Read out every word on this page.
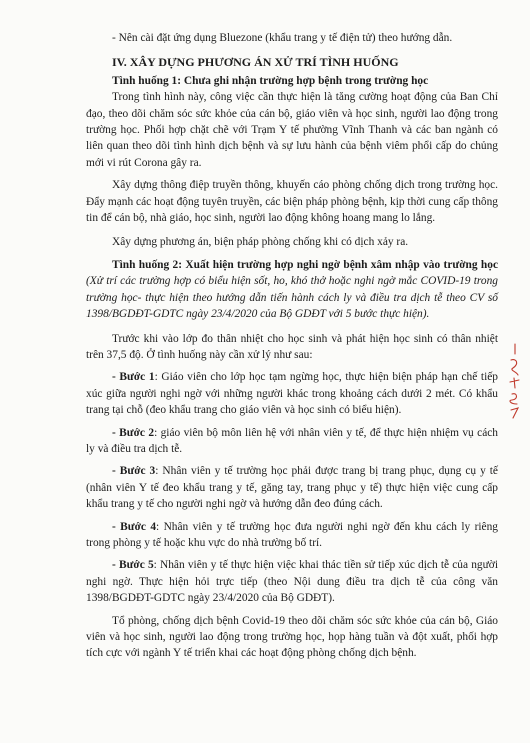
- Nên cài đặt ứng dụng Bluezone (khẩu trang y tế điện tử) theo hướng dẫn.

IV. XÂY DỰNG PHƯƠNG ÁN XỬ TRÍ TÌNH HUỐNG

Tình huống 1: Chưa ghi nhận trường hợp bệnh trong trường học

Trong tình hình này, công việc cần thực hiện là tăng cường hoạt động của Ban Chỉ đạo, theo dõi chăm sóc sức khỏe của cán bộ, giáo viên và học sinh, người lao động trong trường học. Phối hợp chặt chẽ với Trạm Y tế phường Vĩnh Thanh và các ban ngành có liên quan theo dõi tình hình dịch bệnh và sự lưu hành của bệnh viêm phổi cấp do chủng mới vi rút Corona gây ra.

Xây dựng thông điệp truyền thông, khuyến cáo phòng chống dịch trong trường học. Đẩy mạnh các hoạt động tuyên truyền, các biện pháp phòng bệnh, kịp thời cung cấp thông tin để cán bộ, nhà giáo, học sinh, người lao động không hoang mang lo lắng.

Xây dựng phương án, biện pháp phòng chống khi có dịch xảy ra.

Tình huống 2: Xuất hiện trường hợp nghi ngờ bệnh xâm nhập vào trường học (Xử trí các trường hợp có biểu hiện sốt, ho, khó thở hoặc nghi ngờ mắc COVID-19 trong trường học- thực hiện theo hướng dẫn tiến hành cách ly và điều tra dịch tễ theo CV số 1398/BGDĐT-GDTC ngày 23/4/2020 của Bộ GDĐT với 5 bước thực hiện).

Trước khi vào lớp đo thân nhiệt cho học sinh và phát hiện học sinh có thân nhiệt trên 37,5 độ. Ở tình huống này cần xử lý như sau:

- Bước 1: Giáo viên cho lớp học tạm ngừng học, thực hiện biện pháp hạn chế tiếp xúc giữa người nghi ngờ với những người khác trong khoảng cách dưới 2 mét. Có khẩu trang tại chỗ (đeo khẩu trang cho giáo viên và học sinh có biểu hiện).

- Bước 2: giáo viên bộ môn liên hệ với nhân viên y tế, để thực hiện nhiệm vụ cách ly và điều tra dịch tễ.

- Bước 3: Nhân viên y tế trường học phải được trang bị trang phục, dụng cụ y tế (nhân viên Y tế đeo khẩu trang y tế, găng tay, trang phục y tế) thực hiện việc cung cấp khẩu trang y tế cho người nghi ngờ và hướng dẫn đeo đúng cách.

- Bước 4: Nhân viên y tế trường học đưa người nghi ngờ đến khu cách ly riêng trong phòng y tế hoặc khu vực do nhà trường bố trí.

- Bước 5: Nhân viên y tế thực hiện việc khai thác tiền sử tiếp xúc dịch tễ của người nghi ngờ. Thực hiện hỏi trực tiếp (theo Nội dung điều tra dịch tễ của công văn 1398/BGDĐT-GDTC ngày 23/4/2020 của Bộ GDĐT).

Tổ phòng, chống dịch bệnh Covid-19 theo dõi chăm sóc sức khỏe của cán bộ, Giáo viên và học sinh, người lao động trong trường học, họp hàng tuần và đột xuất, phối hợp tích cực với ngành Y tế triển khai các hoạt động phòng chống dịch bệnh.
